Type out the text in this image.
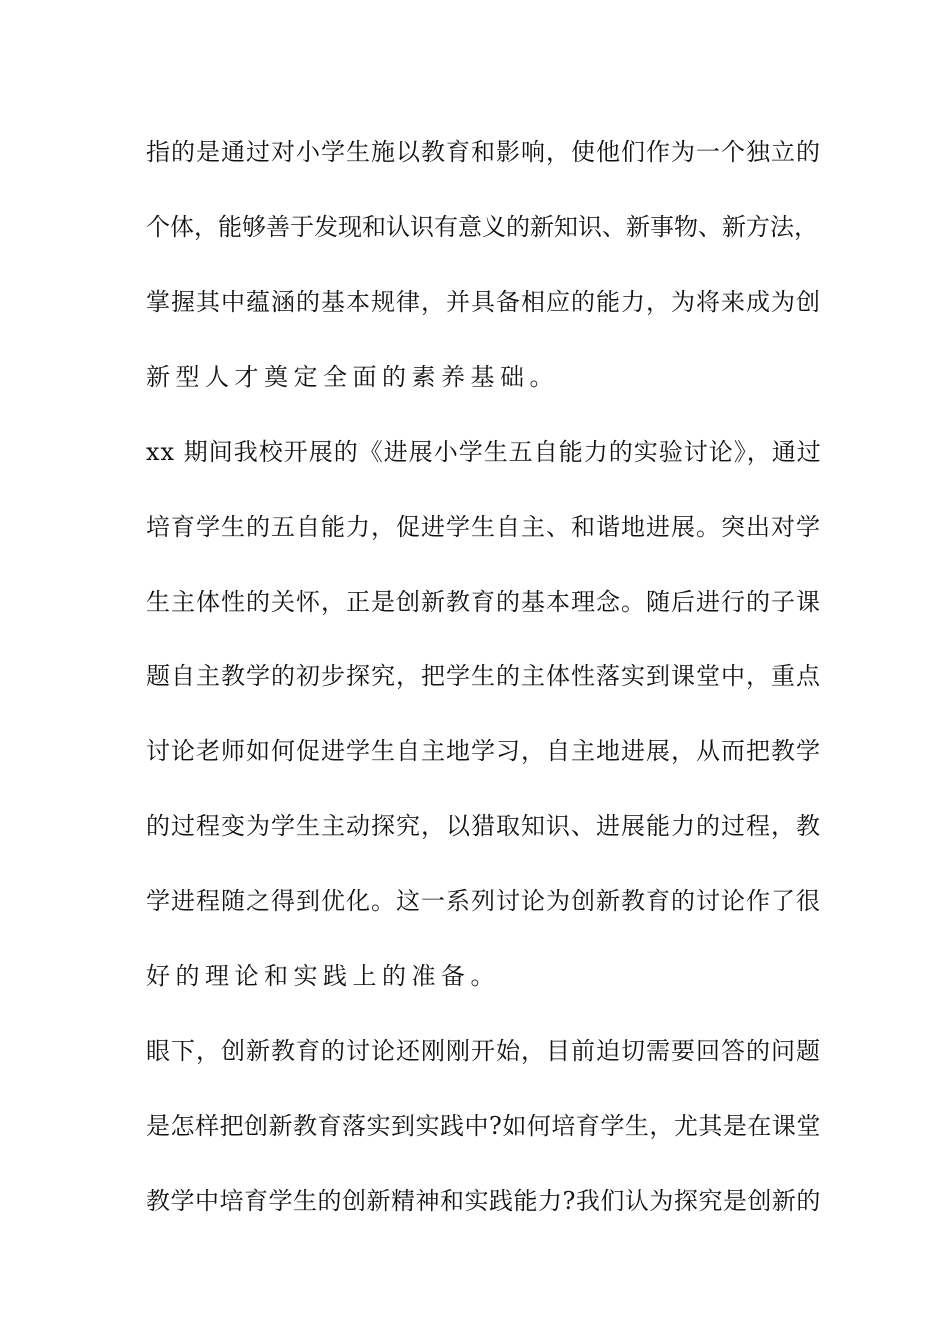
指的是通过对小学生施以教育和影响，使他们作为一个独立的
个体，能够善于发现和认识有意义的新知识、新事物、新方法，
掌握其中蕴涵的基本规律，并具备相应的能力，为将来成为创
新型人才奠定全面的素养基础。
xx 期间我校开展的《进展小学生五自能力的实验讨论》，通过
培育学生的五自能力，促进学生自主、和谐地进展。突出对学
生主体性的关怀，正是创新教育的基本理念。随后进行的子课
题自主教学的初步探究，把学生的主体性落实到课堂中，重点
讨论老师如何促进学生自主地学习，自主地进展，从而把教学
的过程变为学生主动探究，以猎取知识、进展能力的过程，教
学进程随之得到优化。这一系列讨论为创新教育的讨论作了很
好的理论和实践上的准备。
眼下，创新教育的讨论还刚刚开始，目前迫切需要回答的问题
是怎样把创新教育落实到实践中?如何培育学生，尤其是在课堂
教学中培育学生的创新精神和实践能力?我们认为探究是创新的
